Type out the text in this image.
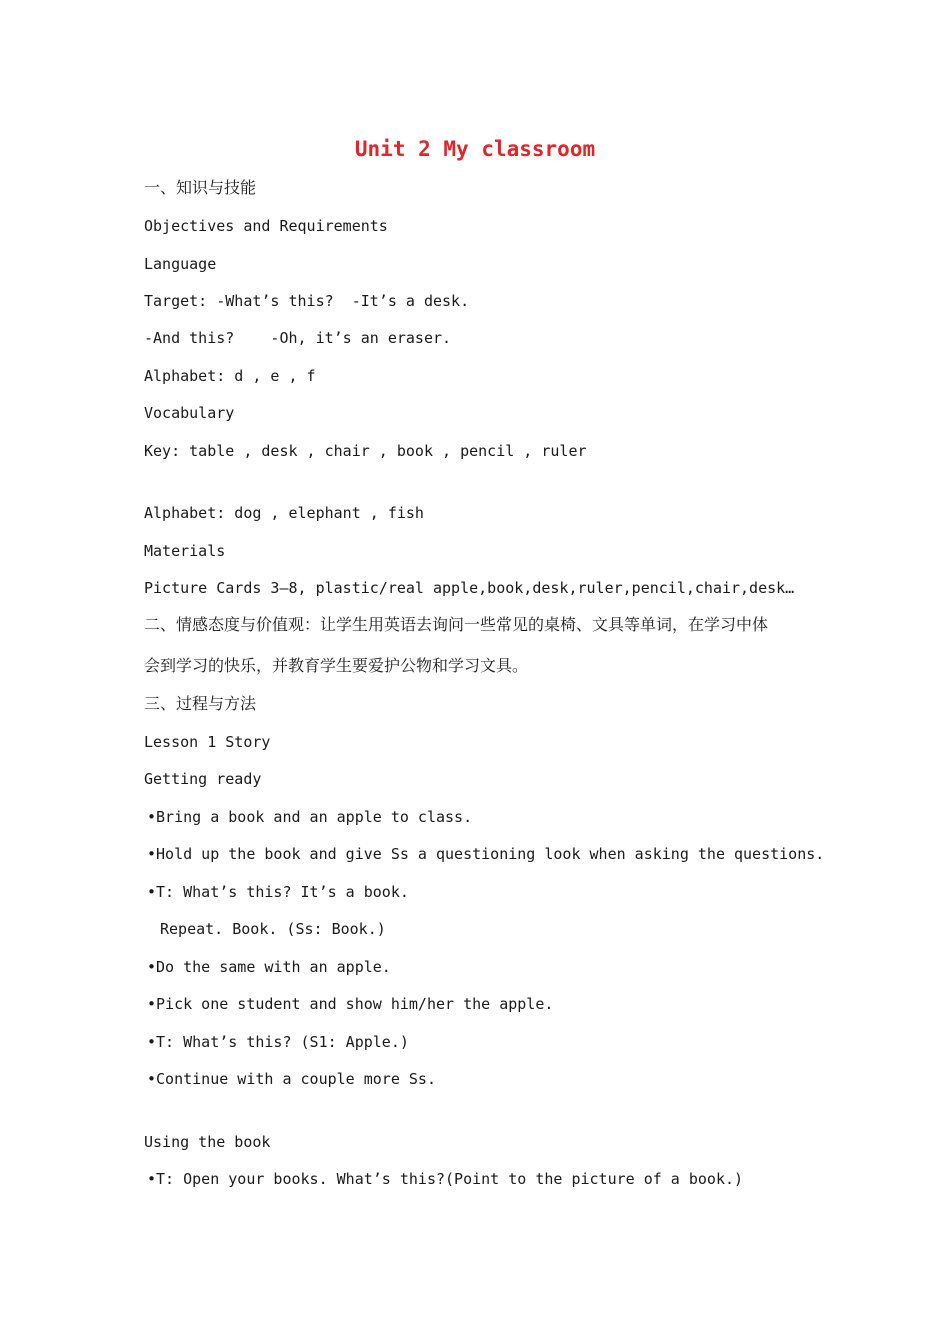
Unit 2 My classroom
一、知识与技能
Objectives and Requirements
Language
Target: -What’s this?  -It’s a desk.
-And this?    -Oh, it’s an eraser.
Alphabet: d , e , f
Vocabulary
Key: table , desk , chair , book , pencil , ruler
Alphabet: dog , elephant , fish
Materials
Picture Cards 3—8, plastic/real apple,book,desk,ruler,pencil,chair,desk…
二、情感态度与价值观：让学生用英语去询问一些常见的桌椅、文具等单词，在学习中体
会到学习的快乐，并教育学生要爱护公物和学习文具。
三、过程与方法
Lesson 1 Story
Getting ready
•Bring a book and an apple to class.
•Hold up the book and give Ss a questioning look when asking the questions.
•T: What’s this? It’s a book.
Repeat. Book. (Ss: Book.)
•Do the same with an apple.
•Pick one student and show him/her the apple.
•T: What’s this? (S1: Apple.)
•Continue with a couple more Ss.
Using the book
•T: Open your books. What’s this?(Point to the picture of a book.)
